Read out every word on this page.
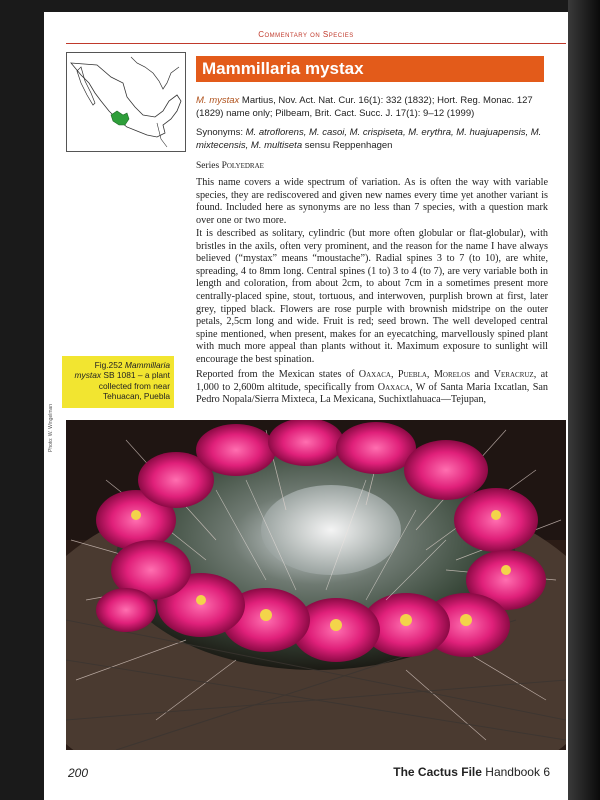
Commentary on Species
Mammillaria mystax
M. mystax Martius, Nov. Act. Nat. Cur. 16(1): 332 (1832); Hort. Reg. Monac. 127 (1829) name only; Pilbeam, Brit. Cact. Succ. J. 17(1): 9–12 (1999)
Synonyms: M. atroflorens, M. casoi, M. crispiseta, M. erythra, M. huajuapensis, M. mixtecensis, M. multiseta sensu Reppenhagen
Series Polyedrae

This name covers a wide spectrum of variation. As is often the way with variable species, they are rediscovered and given new names every time yet another variant is found. Included here as synonyms are no less than 7 species, with a question mark over one or two more.

It is described as solitary, cylindric (but more often globular or flat-globular), with bristles in the axils, often very prominent, and the reason for the name I have always believed (“mystax” means “moustache”). Radial spines 3 to 7 (to 10), are white, spreading, 4 to 8mm long. Central spines (1 to) 3 to 4 (to 7), are very variable both in length and coloration, from about 2cm, to about 7cm in a sometimes present more centrally-placed spine, stout, tortuous, and interwoven, purplish brown at first, later grey, tipped black. Flowers are rose purple with brownish midstripe on the outer petals, 2,5cm long and wide. Fruit is red; seed brown. The well developed central spine mentioned, when present, makes for an eyecatching, marvellously spined plant with much more appeal than plants without it. Maximum exposure to sunlight will encourage the best spination.

Reported from the Mexican states of Oaxaca, Puebla, Morelos and Veracruz, at 1,000 to 2,600m altitude, specifically from Oaxaca, W of Santa Maria Ixcatlan, San Pedro Nopala/Sierra Mixteca, La Mexicana, Suchixtlahuaca—Tejupan,

Fig.252 Mammillaria mystax SB 1081 – a plant collected from near Tehuacan, Puebla
Photo: W. Wingelman
200	The Cactus File Handbook 6
